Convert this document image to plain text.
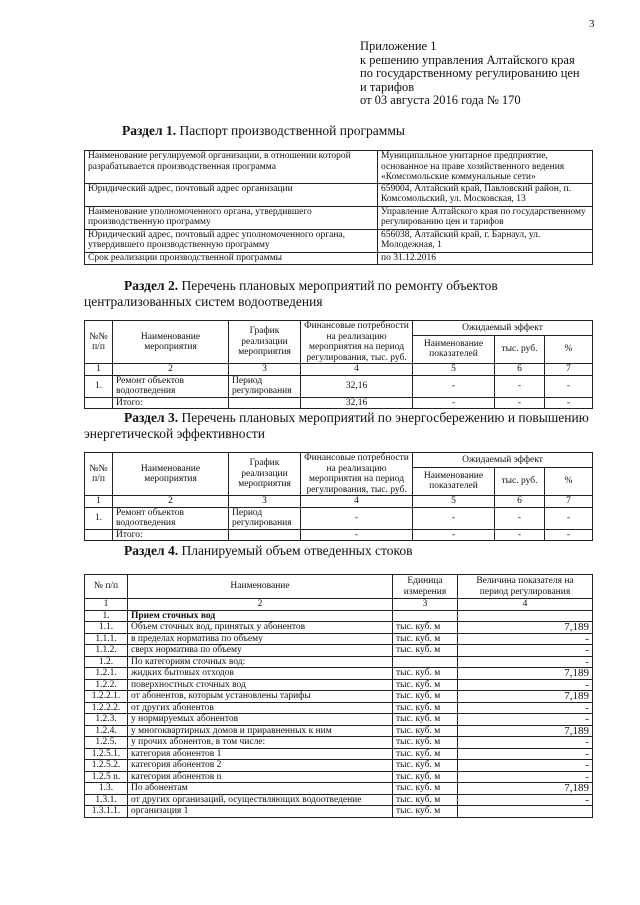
3
Приложение 1
к решению управления Алтайского края
по государственному регулированию цен
и тарифов
от 03 августа 2016 года № 170
Раздел 1. Паспорт производственной программы
Наименование регулируемой организации, в отношении которой разрабатывается производственная программа	Муниципальное унитарное предприятие, основанное на праве хозяйственного ведения «Комсомольские коммунальные сети»
Юридический адрес, почтовый адрес организации	659004, Алтайский край, Павловский район, п. Комсомольский, ул. Московская, 13
Наименование уполномоченного органа, утвердившего производственную программу	Управление Алтайского края по государственному регулированию цен и тарифов
Юридический адрес, почтовый адрес уполномоченного органа, утвердившего производственную программу	656038, Алтайский край, г. Барнаул, ул. Молодежная, 1
Срок реализации производственной программы	по 31.12.2016
Раздел 2. Перечень плановых мероприятий по ремонту объектов централизованных систем водоотведения
№№ п/п	Наименование мероприятия	График реализации мероприятия	Финансовые потребности на реализацию мероприятия на период регулирования, тыс. руб.	Ожидаемый эффект		
				Наименование показателей	тыс. руб.	%
1	2	3	4	5	6	7
1.	Ремонт объектов водоотведения	Период регулирования	32,16	-	-	-
	Итого:		32,16	-	-	-
Раздел 3. Перечень плановых мероприятий по энергосбережению и повышению энергетической эффективности
№№ п/п	Наименование мероприятия	График реализации мероприятия	Финансовые потребности на реализацию мероприятия на период регулирования, тыс. руб.	Ожидаемый эффект		
				Наименование показателей	тыс. руб.	%
1	2	3	4	5	6	7
1.	Ремонт объектов водоотведения	Период регулирования	-	-	-	-
	Итого:		-	-	-	-
Раздел 4. Планируемый объем отведенных стоков
№ п/п	Наименование	Единица измерения	Величина показателя на период регулирования
1	2	3	4
1.	Прием сточных вод		
1.1.	Объем сточных вод, принятых у абонентов	тыс. куб. м	7,189
1.1.1.	в пределах норматива по объему	тыс. куб. м	-
1.1.2.	сверх норматива по объему	тыс. куб. м	-
1.2.	По категориям сточных вод:		-
1.2.1.	жидких бытовых отходов	тыс. куб. м	7,189
1.2.2.	поверхностных сточных вод	тыс. куб. м	-
1.2.2.1.	от абонентов, которым установлены тарифы	тыс. куб. м	7,189
1.2.2.2.	от других абонентов	тыс. куб. м	-
1.2.3.	у нормируемых абонентов	тыс. куб. м	-
1.2.4.	у многоквартирных домов и приравненных к ним	тыс. куб. м	7,189
1.2.5.	у прочих абонентов, в том числе:	тыс. куб. м	-
1.2.5.1.	категория абонентов 1	тыс. куб. м	-
1.2.5.2.	категория абонентов 2	тыс. куб. м	-
1.2.5 n.	категория абонентов n	тыс. куб. м	-
1.3.	По абонентам	тыс. куб. м	7,189
1.3.1.	от других организаций, осуществляющих водоотведение	тыс. куб. м	-
1.3.1.1.	организация 1	тыс. куб. м	
